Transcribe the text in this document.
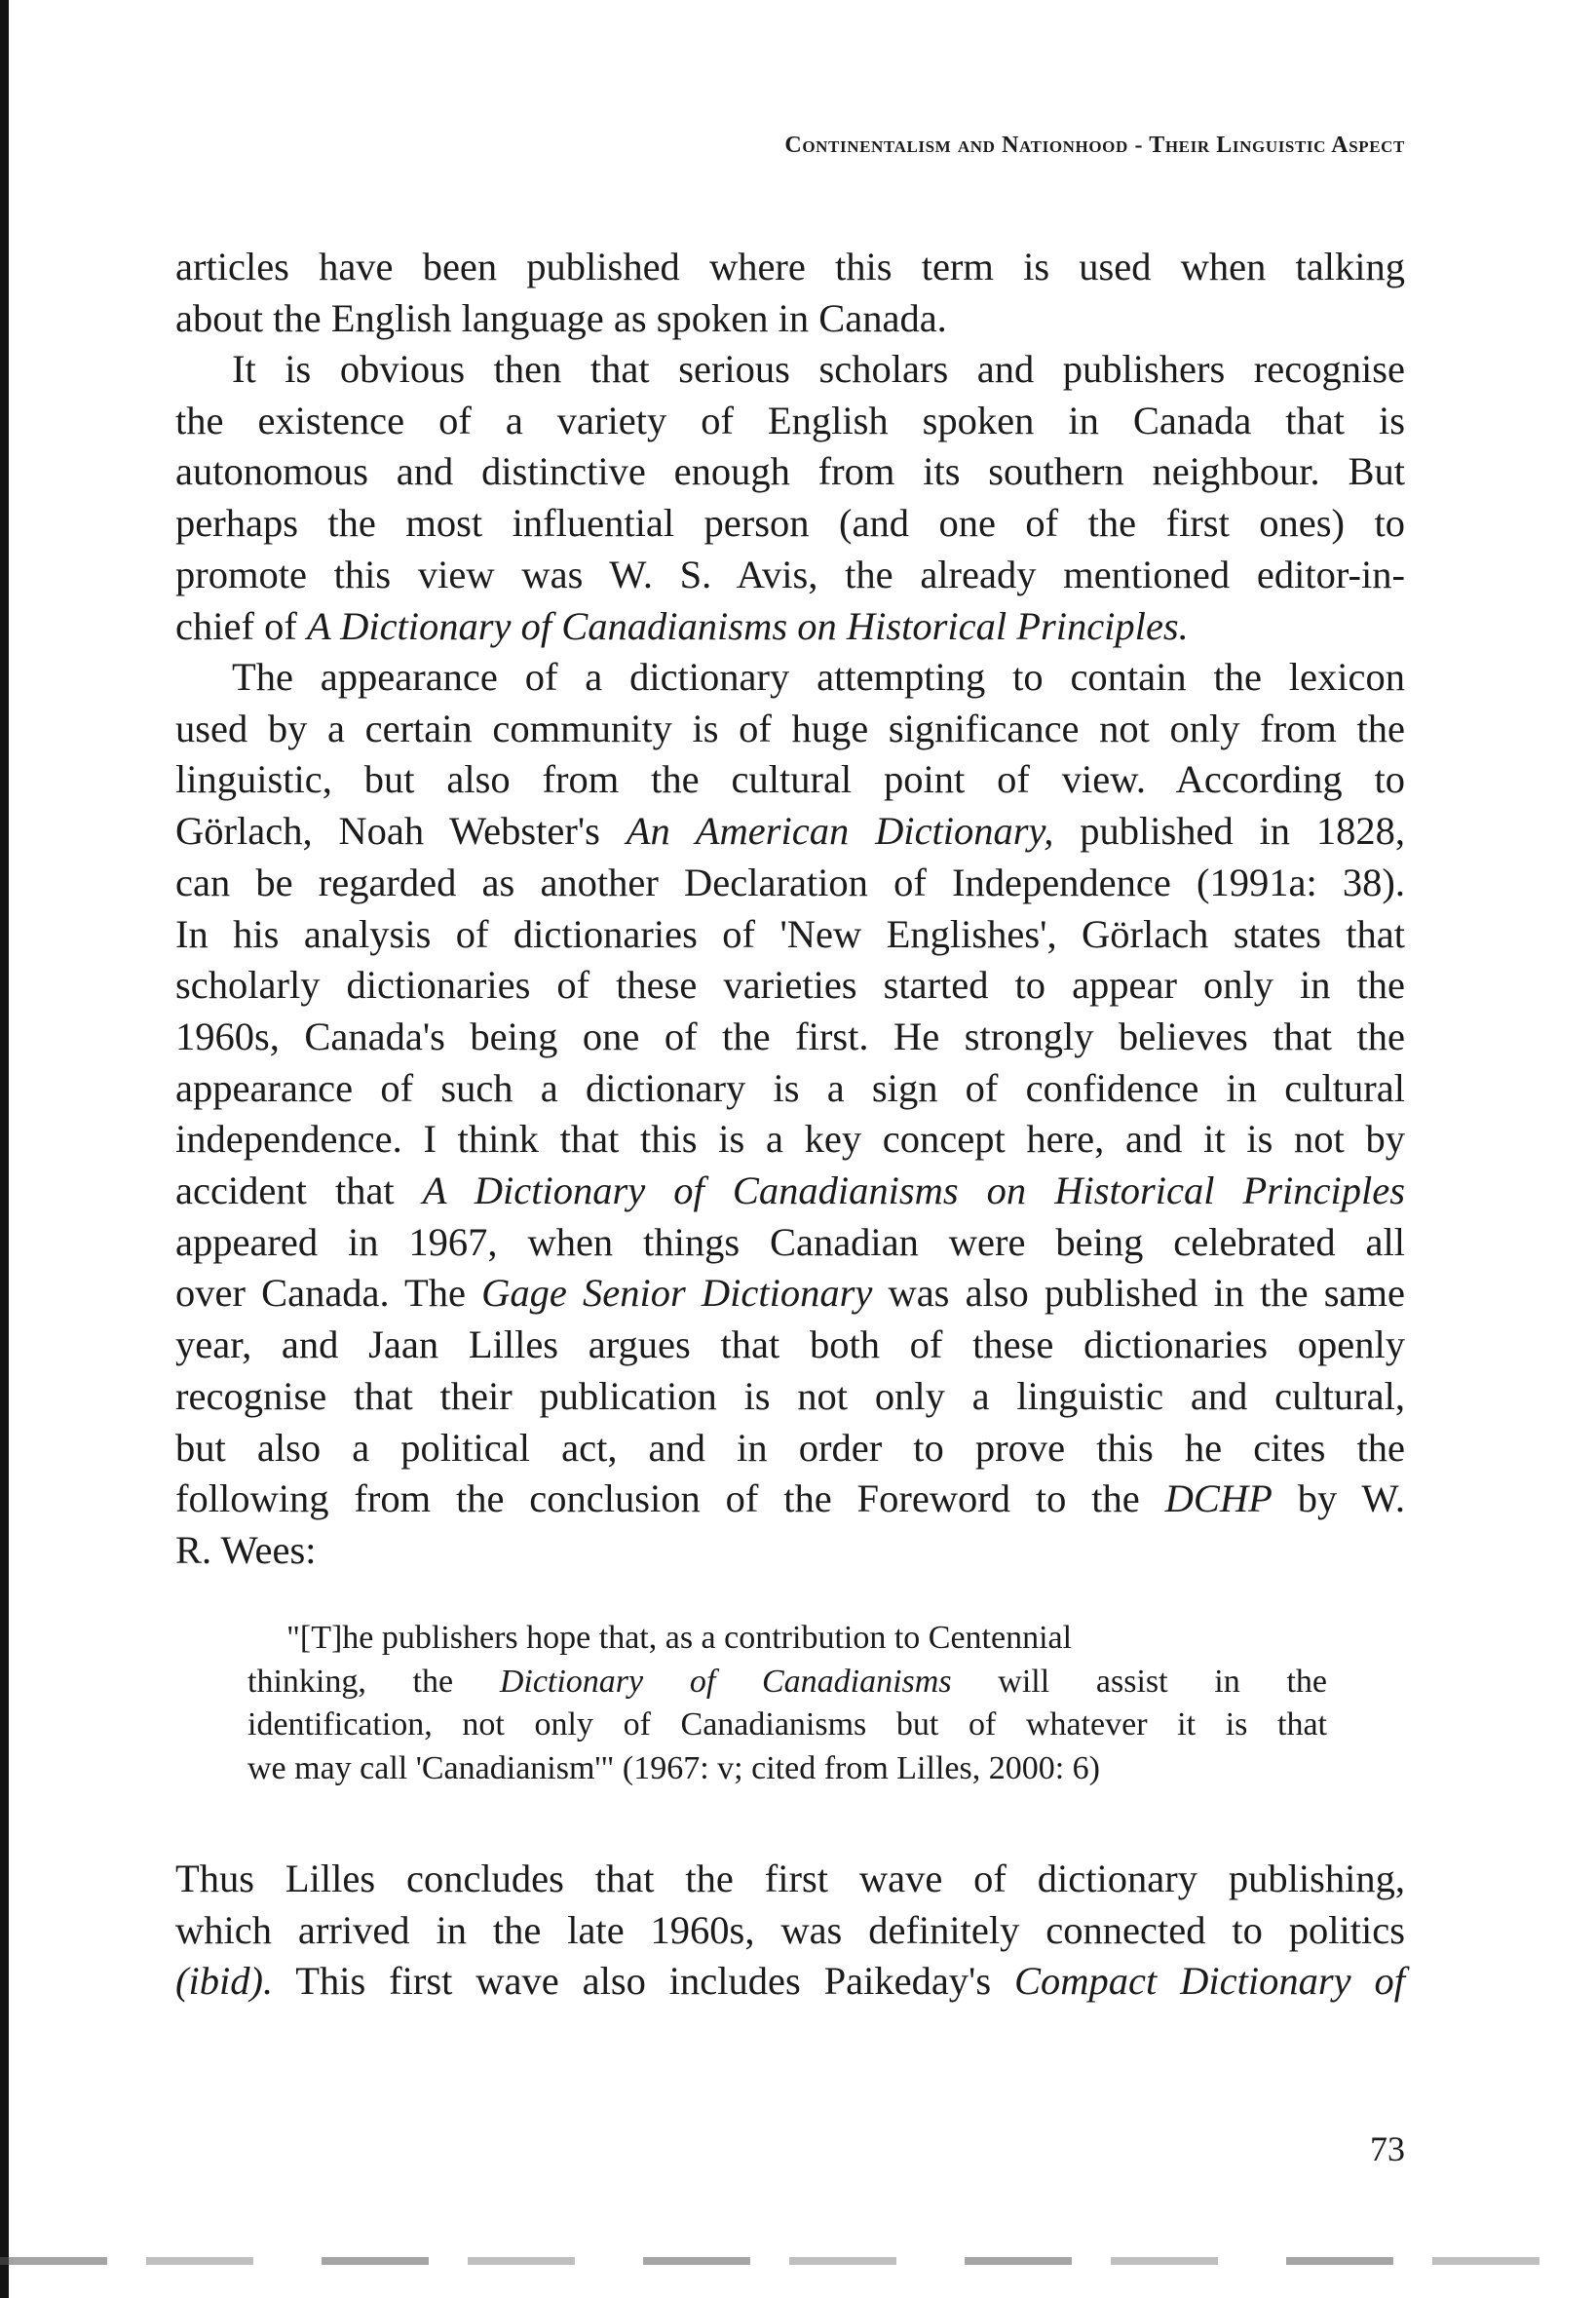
Continentalism and Nationhood - Their Linguistic Aspect
articles have been published where this term is used when talking
about the English language as spoken in Canada.
It is obvious then that serious scholars and publishers recognise
the existence of a variety of English spoken in Canada that is
autonomous and distinctive enough from its southern neighbour. But
perhaps the most influential person (and one of the first ones) to
promote this view was W. S. Avis, the already mentioned editor-in-
chief of A Dictionary of Canadianisms on Historical Principles.
The appearance of a dictionary attempting to contain the lexicon
used by a certain community is of huge significance not only from the
linguistic, but also from the cultural point of view. According to
Görlach, Noah Webster's An American Dictionary, published in 1828,
can be regarded as another Declaration of Independence (1991a: 38).
In his analysis of dictionaries of 'New Englishes', Görlach states that
scholarly dictionaries of these varieties started to appear only in the
1960s, Canada's being one of the first. He strongly believes that the
appearance of such a dictionary is a sign of confidence in cultural
independence. I think that this is a key concept here, and it is not by
accident that A Dictionary of Canadianisms on Historical Principles
appeared in 1967, when things Canadian were being celebrated all
over Canada. The Gage Senior Dictionary was also published in the same
year, and Jaan Lilles argues that both of these dictionaries openly
recognise that their publication is not only a linguistic and cultural,
but also a political act, and in order to prove this he cites the
following from the conclusion of the Foreword to the DCHP by W.
R. Wees:
"[T]he publishers hope that, as a contribution to Centennial
thinking, the Dictionary of Canadianisms will assist in the
identification, not only of Canadianisms but of whatever it is that
we may call 'Canadianism'" (1967: v; cited from Lilles, 2000: 6)
Thus Lilles concludes that the first wave of dictionary publishing,
which arrived in the late 1960s, was definitely connected to politics
(ibid). This first wave also includes Paikeday's Compact Dictionary of
73
